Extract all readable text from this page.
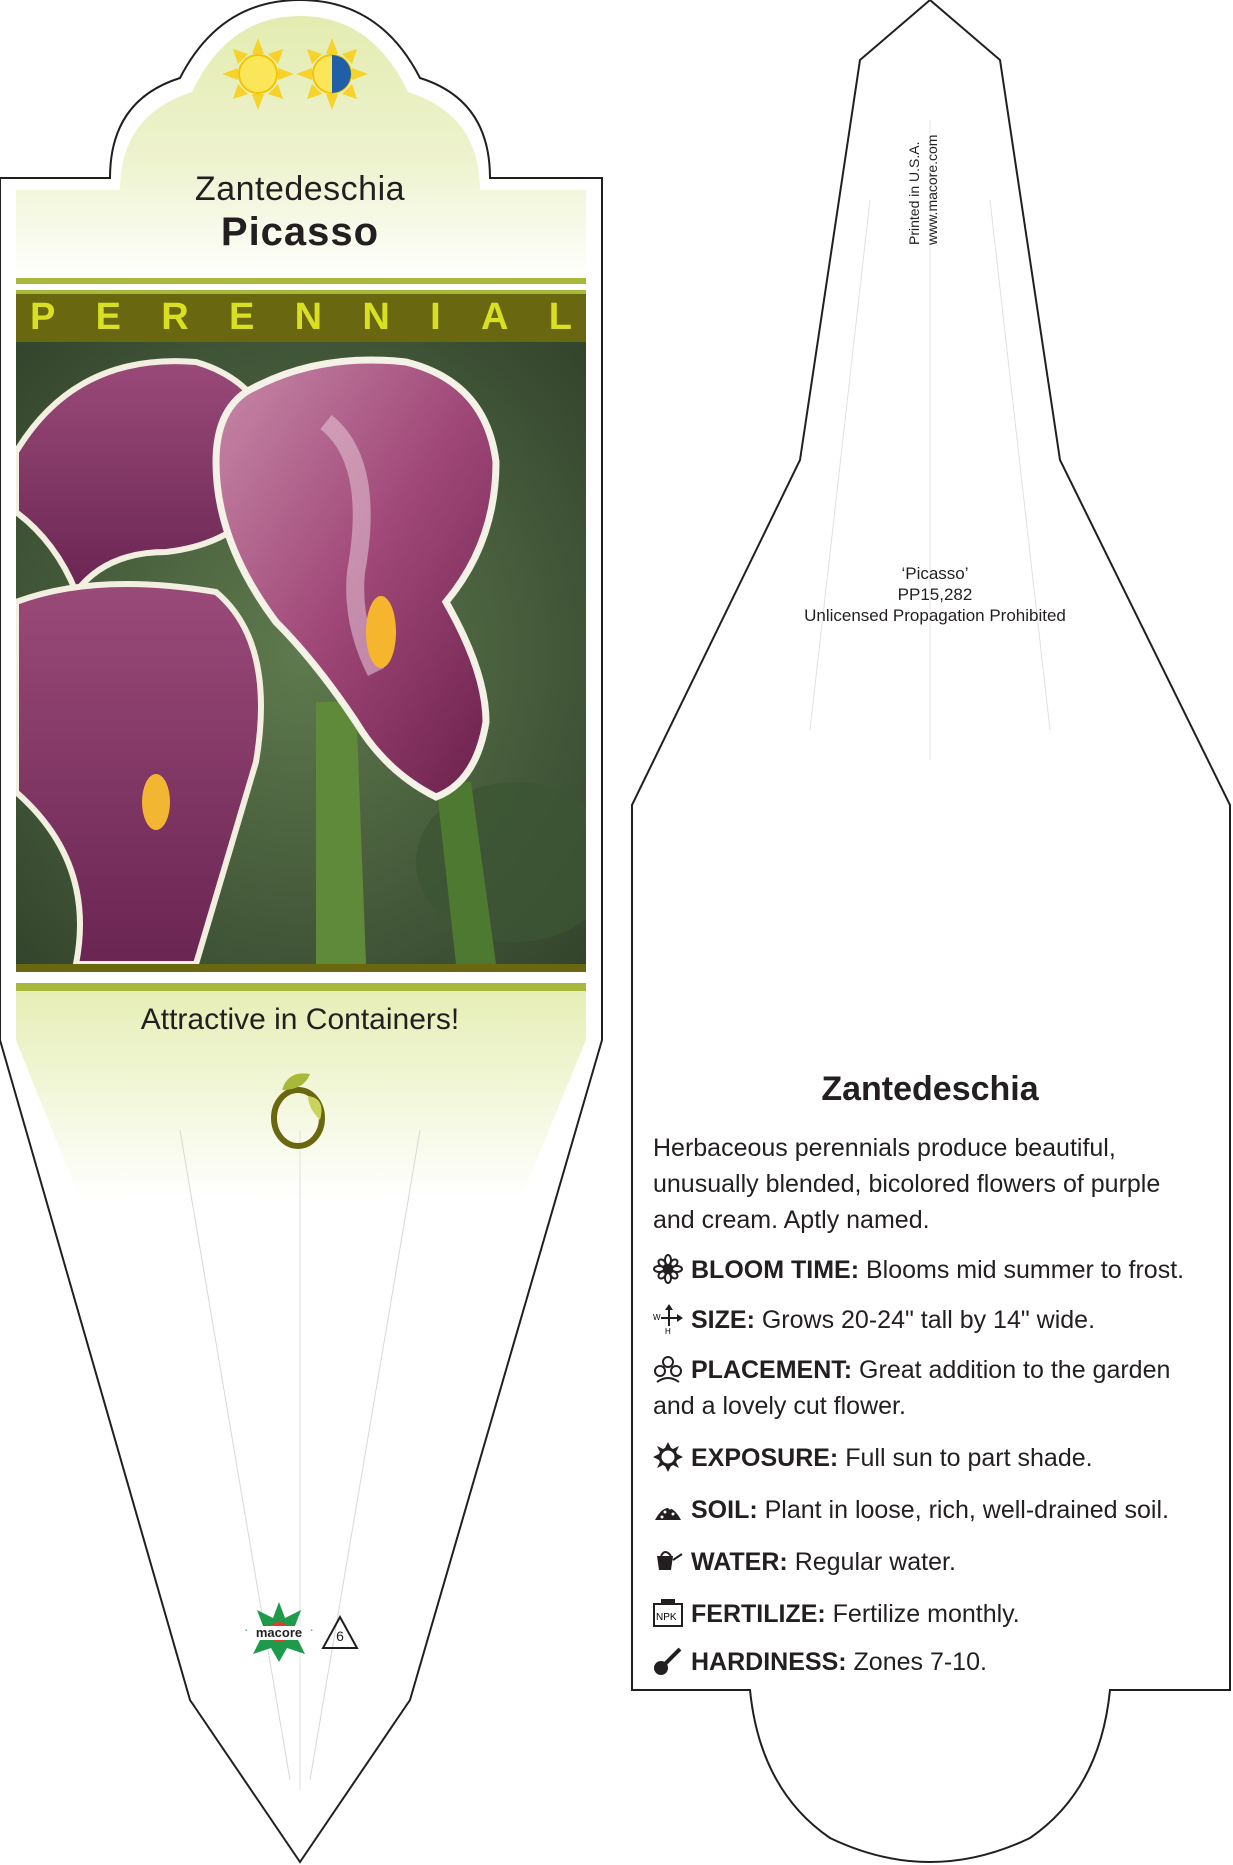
Zantedeschia
Picasso
P E R E N N I A L
Attractive in Containers!
macore	6
Printed in U.S.A. www.macore.com
‘Picasso’
PP15,282
Unlicensed Propagation Prohibited
Zantedeschia
Herbaceous perennials produce beautiful, unusually blended, bicolored flowers of purple and cream. Aptly named.
BLOOM TIME: Blooms mid summer to frost.
W
H SIZE: Grows 20-24" tall by 14" wide.
PLACEMENT: Great addition to the garden and a lovely cut flower.
EXPOSURE: Full sun to part shade.
SOIL: Plant in loose, rich, well-drained soil.
WATER: Regular water.
NPK FERTILIZE: Fertilize monthly.
HARDINESS: Zones 7-10.
